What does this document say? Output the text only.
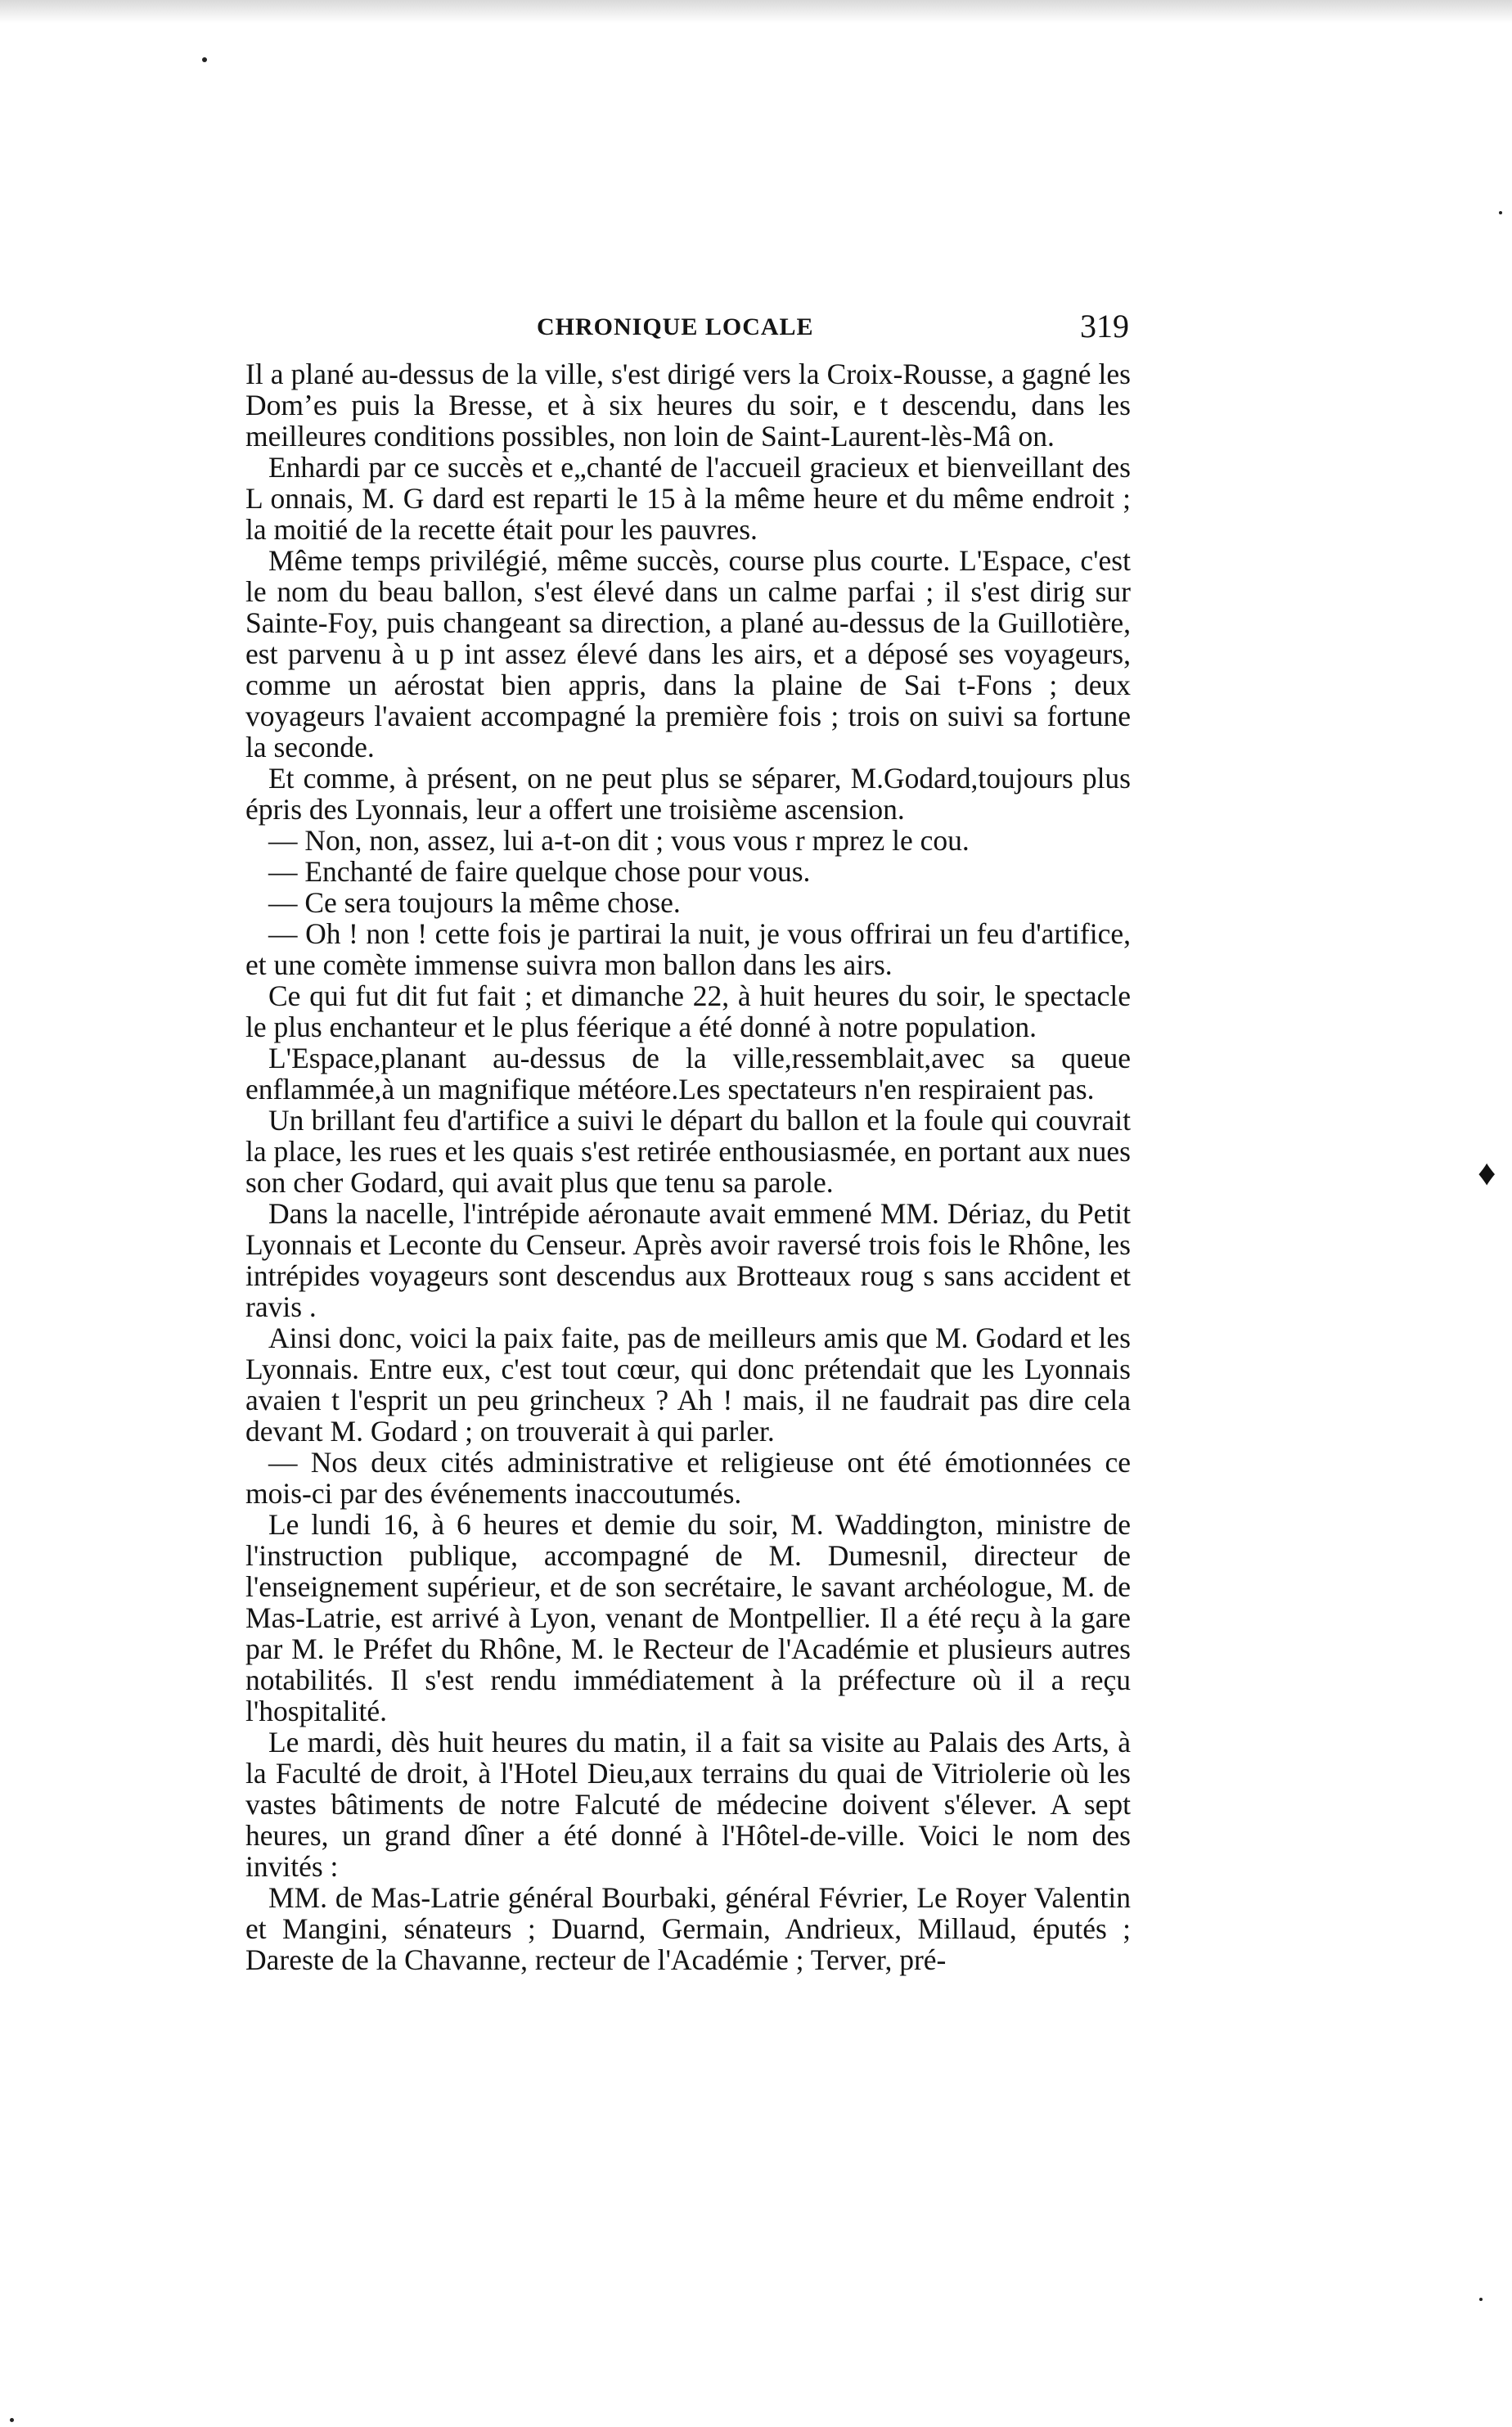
CHRONIQUE LOCALE	319
♦

Il a plané au-dessus de la ville, s'est dirigé vers la Croix-Rousse, a gagné les Domʼes puis la Bresse, et à six heures du soir, e t descendu, dans les meilleures conditions possibles, non loin de Saint-Laurent-lès-Mâ on.

Enhardi par ce succès et e„chanté de l'accueil gracieux et bienveillant des L onnais, M. G dard est reparti le 15 à la même heure et du même endroit ; la moitié de la recette était pour les pauvres.

Même temps privilégié, même succès, course plus courte. L'Espace, c'est le nom du beau ballon, s'est élevé dans un calme parfai ; il s'est dirig sur Sainte-Foy, puis changeant sa direction, a plané au-dessus de la Guillotière, est parvenu à u p int assez élevé dans les airs, et a déposé ses voyageurs, comme un aérostat bien appris, dans la plaine de Sai t-Fons ; deux voyageurs l'avaient accompagné la première fois ; trois on suivi sa fortune la seconde.

Et comme, à présent, on ne peut plus se séparer, M.Godard,toujours plus épris des Lyonnais, leur a offert une troisième ascension.

— Non, non, assez, lui a-t-on dit ; vous vous r mprez le cou.

— Enchanté de faire quelque chose pour vous.

— Ce sera toujours la même chose.

— Oh ! non ! cette fois je partirai la nuit, je vous offrirai un feu d'artifice, et une comète immense suivra mon ballon dans les airs.

Ce qui fut dit fut fait ; et dimanche 22, à huit heures du soir, le spectacle le plus enchanteur et le plus féerique a été donné à notre population.

L'Espace,planant au-dessus de la ville,ressemblait,avec sa queue enflammée,à un magnifique météore.Les spectateurs n'en respiraient pas.

Un brillant feu d'artifice a suivi le départ du ballon et la foule qui couvrait la place, les rues et les quais s'est retirée enthousiasmée, en portant aux nues son cher Godard, qui avait plus que tenu sa parole.

Dans la nacelle, l'intrépide aéronaute avait emmené MM. Dériaz, du Petit Lyonnais et Leconte du Censeur. Après avoir raversé trois fois le Rhône, les intrépides voyageurs sont descendus aux Brotteaux roug s sans accident et ravis .

Ainsi donc, voici la paix faite, pas de meilleurs amis que M. Godard et les Lyonnais. Entre eux, c'est tout cœur, qui donc prétendait que les Lyonnais avaien t l'esprit un peu grincheux ? Ah ! mais, il ne faudrait pas dire cela devant M. Godard ; on trouverait à qui parler.

— Nos deux cités administrative et religieuse ont été émotionnées ce mois-ci par des événements inaccoutumés.

Le lundi 16, à 6 heures et demie du soir, M. Waddington, ministre de l'instruction publique, accompagné de M. Dumesnil, directeur de l'enseignement supérieur, et de son secrétaire, le savant archéologue, M. de Mas-Latrie, est arrivé à Lyon, venant de Montpellier. Il a été reçu à la gare par M. le Préfet du Rhône, M. le Recteur de l'Académie et plusieurs autres notabilités. Il s'est rendu immédiatement à la préfecture où il a reçu l'hospitalité.

Le mardi, dès huit heures du matin, il a fait sa visite au Palais des Arts, à la Faculté de droit, à l'Hotel Dieu,aux terrains du quai de Vitriolerie où les vastes bâtiments de notre Falcuté de médecine doivent s'élever. A sept heures, un grand dîner a été donné à l'Hôtel-de-ville. Voici le nom des invités :

MM. de Mas-Latrie général Bourbaki, général Février, Le Royer Valentin et Mangini, sénateurs ; Duarnd, Germain, Andrieux, Millaud, éputés ; Dareste de la Chavanne, recteur de l'Académie ; Terver, pré-
